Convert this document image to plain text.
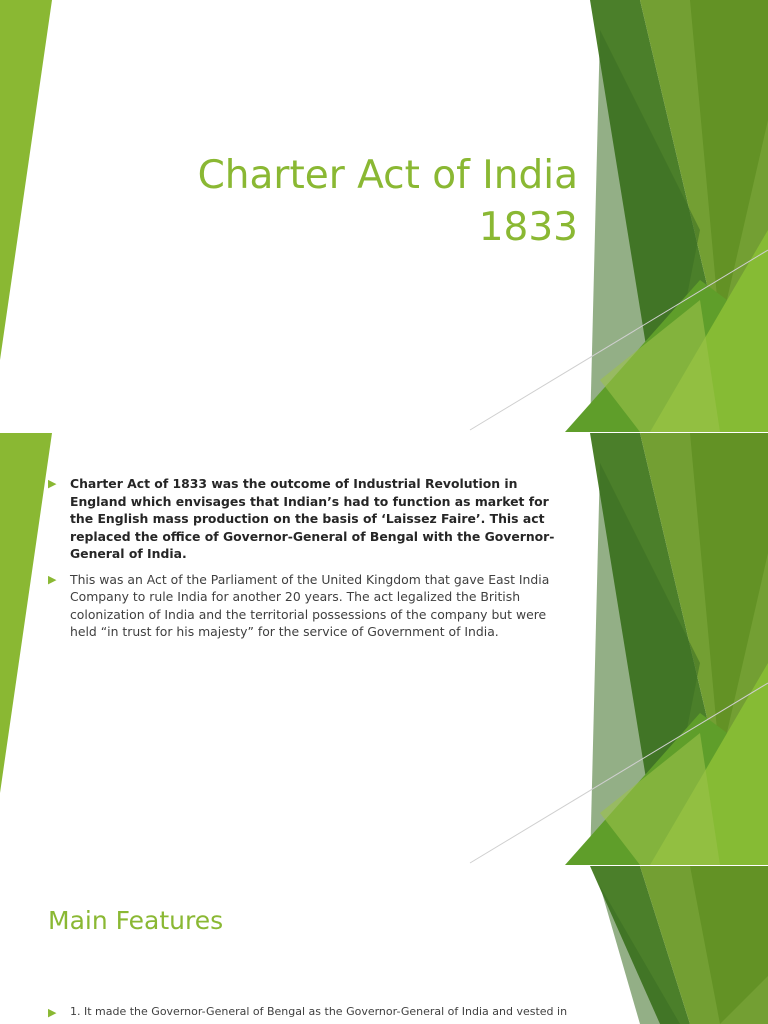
Charter Act of India
1833
▶ Charter Act of 1833 was the outcome of Industrial Revolution in England which envisages that Indian’s had to function as market for the English mass production on the basis of ‘Laissez Faire’. This act replaced the office of Governor-General of Bengal with the Governor-General of India.
▶ This was an Act of the Parliament of the United Kingdom that gave East India Company to rule India for another 20 years. The act legalized the British colonization of India and the territorial possessions of the company but were held “in trust for his majesty” for the service of Government of India.
Main Features
▶ 1. It made the Governor-General of Bengal as the Governor-General of India and vested in
